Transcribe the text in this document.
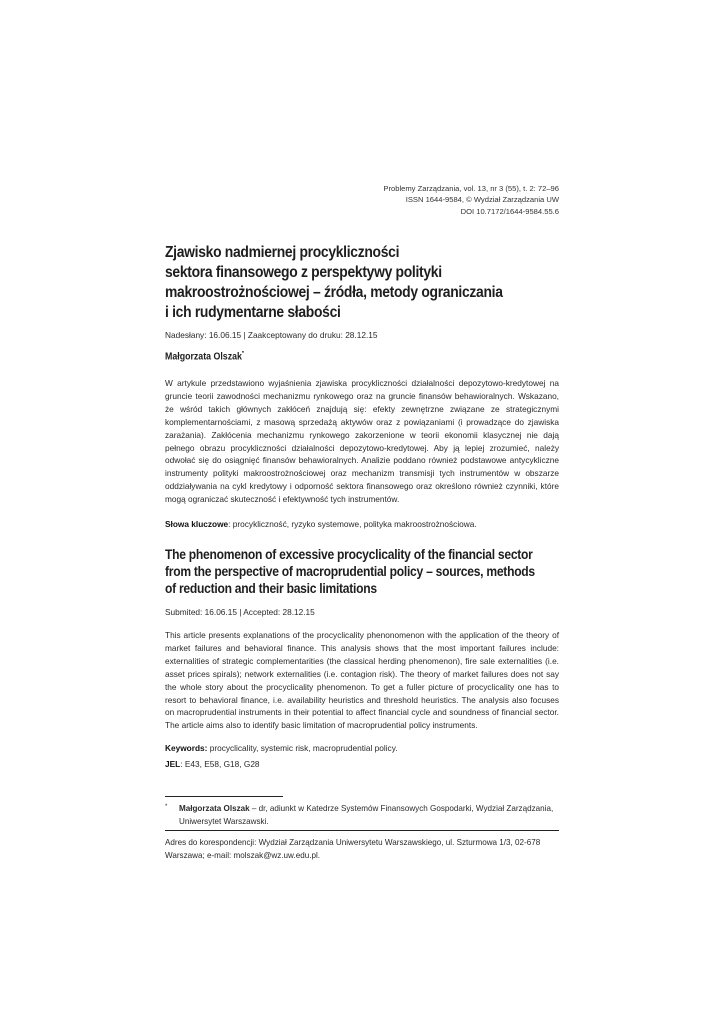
Problemy Zarządzania, vol. 13, nr 3 (55), t. 2: 72–96
ISSN 1644-9584, © Wydział Zarządzania UW
DOI 10.7172/1644-9584.55.6
Zjawisko nadmiernej procykliczności
sektora finansowego z perspektywy polityki
makroostrożnościowej – źródła, metody ograniczania
i ich rudymentarne słabości
Nadesłany: 16.06.15 | Zaakceptowany do druku: 28.12.15
Małgorzata Olszak*
W artykule przedstawiono wyjaśnienia zjawiska procykliczności działalności depozytowo-kredytowej na gruncie teorii zawodności mechanizmu rynkowego oraz na gruncie finansów behawioralnych. Wskazano, że wśród takich głównych zakłóceń znajdują się: efekty zewnętrzne związane ze strategicznymi komplementarnościami, z masową sprzedażą aktywów oraz z powiązaniami (i prowadzące do zjawiska zarażania). Zakłócenia mechanizmu rynkowego zakorzenione w teorii ekonomii klasycznej nie dają pełnego obrazu procykliczności działalności depozytowo-kredytowej. Aby ją lepiej zrozumieć, należy odwołać się do osiągnięć finansów behawioralnych. Analizie poddano również podstawowe antycykliczne instrumenty polityki makroostrożnościowej oraz mechanizm transmisji tych instrumentów w obszarze oddziaływania na cykl kredytowy i odporność sektora finansowego oraz określono również czynniki, które mogą ograniczać skuteczność i efektywność tych instrumentów.
Słowa kluczowe: procykliczność, ryzyko systemowe, polityka makroostrożnościowa.
The phenomenon of excessive procyclicality of the financial sector
from the perspective of macroprudential policy – sources, methods
of reduction and their basic limitations
Submited: 16.06.15 | Accepted: 28.12.15
This article presents explanations of the procyclicality phenonomenon with the application of the theory of market failures and behavioral finance. This analysis shows that the most important failures include: externalities of strategic complementarities (the classical herding phenomenon), fire sale externalities (i.e. asset prices spirals); network externalities (i.e. contagion risk). The theory of market failures does not say the whole story about the procyclicality phenomenon. To get a fuller picture of procyclicality one has to resort to behavioral finance, i.e. availability heuristics and threshold heuristics. The analysis also focuses on macroprudential instruments in their potential to affect financial cycle and soundness of financial sector. The article aims also to identify basic limitation of macroprudential policy instruments.
Keywords: procyclicality, systemic risk, macroprudential policy.
JEL: E43, E58, G18, G28
* Małgorzata Olszak – dr, adiunkt w Katedrze Systemów Finansowych Gospodarki, Wydział Zarządzania, Uniwersytet Warszawski.
Adres do korespondencji: Wydział Zarządzania Uniwersytetu Warszawskiego, ul. Szturmowa 1/3, 02-678 Warszawa; e-mail: molszak@wz.uw.edu.pl.
